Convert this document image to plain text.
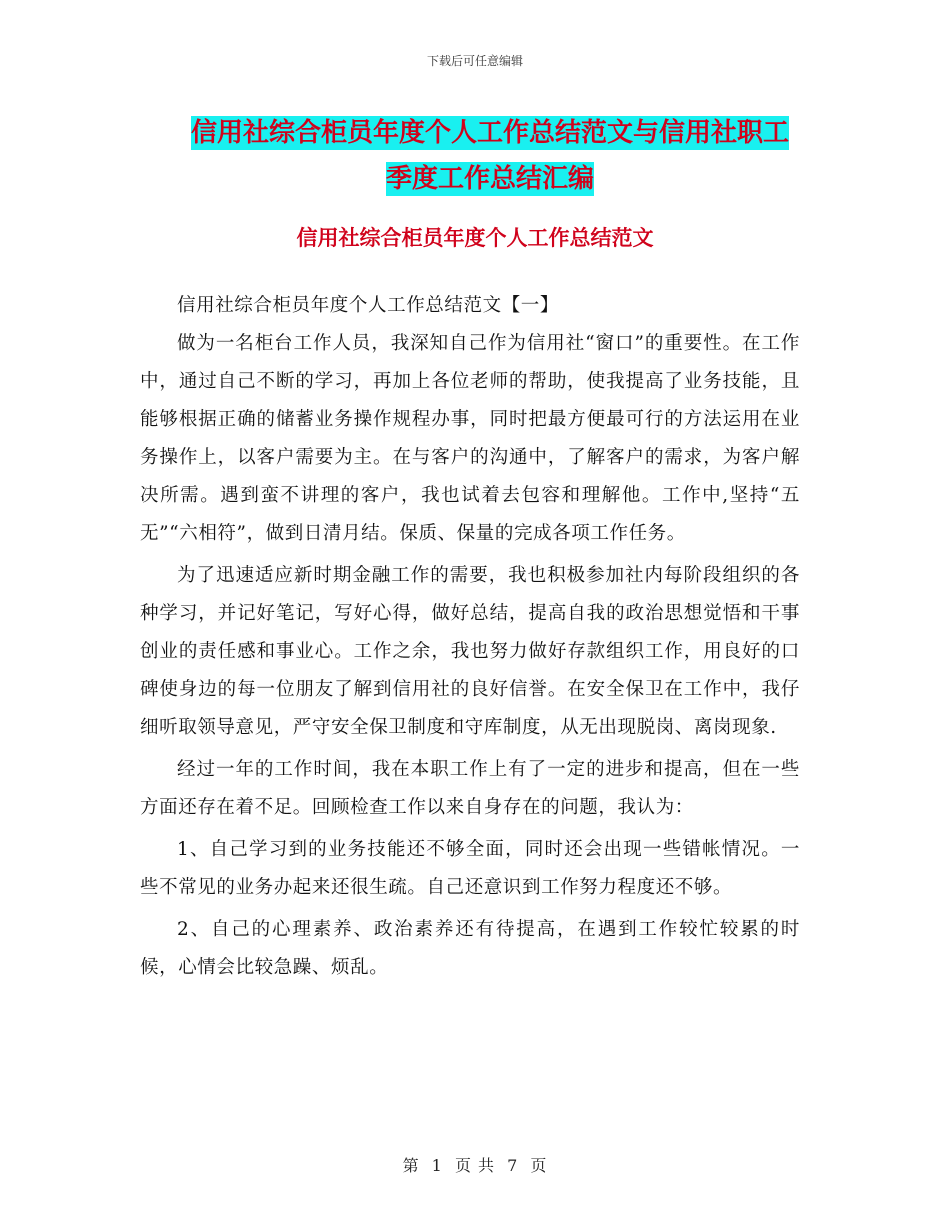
下载后可任意编辑
信用社综合柜员年度个人工作总结范文与信用社职工
季度工作总结汇编
信用社综合柜员年度个人工作总结范文

信用社综合柜员年度个人工作总结范文【一】

做为一名柜台工作人员，我深知自己作为信用社“窗口”的重要性。在工作中，通过自己不断的学习，再加上各位老师的帮助，使我提高了业务技能，且能够根据正确的储蓄业务操作规程办事，同时把最方便最可行的方法运用在业务操作上，以客户需要为主。在与客户的沟通中，了解客户的需求，为客户解决所需。遇到蛮不讲理的客户，我也试着去包容和理解他。工作中,坚持“五无”“六相符”，做到日清月结。保质、保量的完成各项工作任务。

为了迅速适应新时期金融工作的需要，我也积极参加社内每阶段组织的各种学习，并记好笔记，写好心得，做好总结，提高自我的政治思想觉悟和干事创业的责任感和事业心。工作之余，我也努力做好存款组织工作，用良好的口碑使身边的每一位朋友了解到信用社的良好信誉。在安全保卫在工作中，我仔细听取领导意见，严守安全保卫制度和守库制度，从无出现脱岗、离岗现象.

经过一年的工作时间，我在本职工作上有了一定的进步和提高，但在一些方面还存在着不足。回顾检查工作以来自身存在的问题，我认为：

1、自己学习到的业务技能还不够全面，同时还会出现一些错帐情况。一些不常见的业务办起来还很生疏。自己还意识到工作努力程度还不够。

2、自己的心理素养、政治素养还有待提高，在遇到工作较忙较累的时候，心情会比较急躁、烦乱。

第 1 页 共 7 页
